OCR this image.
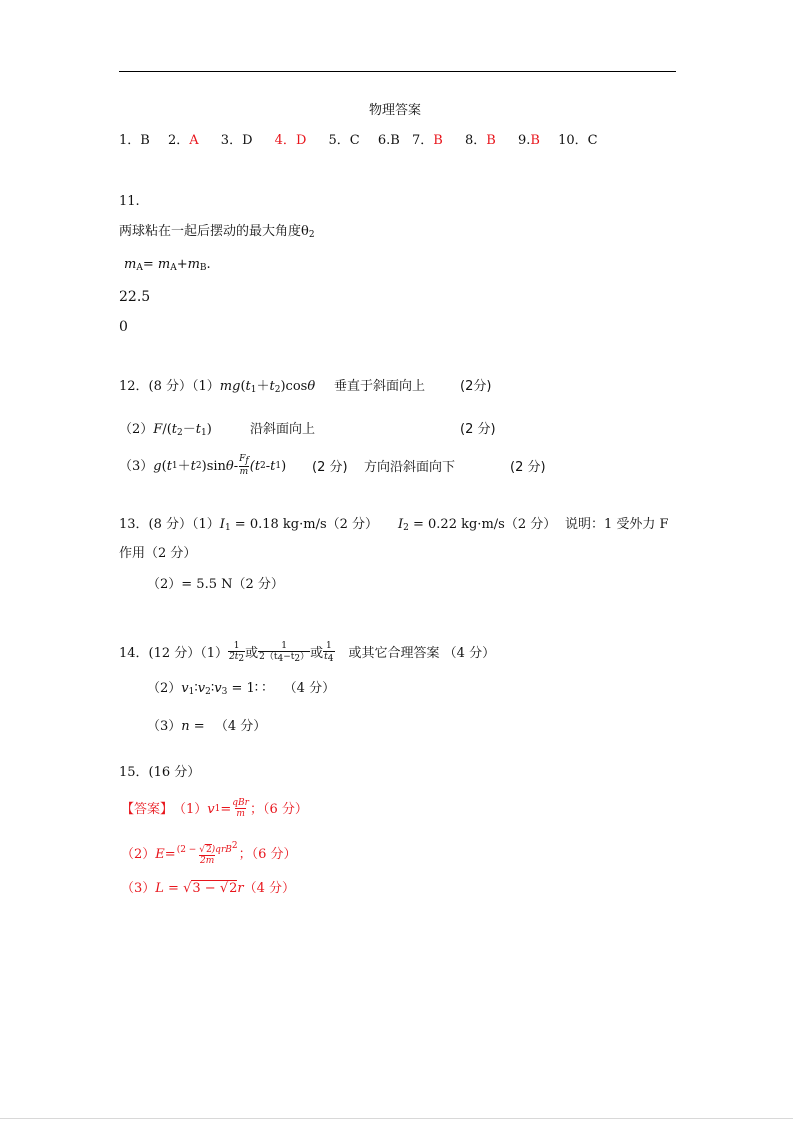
物理答案
1．B 2．A 3．D 4．D 5．C 6.B 7．B 8．B 9.B 10．C
11.
两球粘在一起后摆动的最大角度$\theta_2$
$m_A= m_A+m_B$.
22.5
0
12．(8 分）$(1)mg(t_1+t_2)\cos\theta$ 垂直于斜面向上	(2分)
$(2)F/(t_2-t_1)$	沿斜面向上	(2 分)
（3） g ( t 1 ＋ t 2 )sin θ - $\frac{Ff}{m} (t$ 2 -t 1 ) (2 分) 方向沿斜面向下	(2 分)
13．(8 分）$(1)I_1 = 0.18$ kg·m/s（2 分） $I_2 = 0.22$ kg·m/s（2 分） 说明：1 受外力 F
作用（2 分）
（2）= 5.5 N（2 分）
14．(12 分）$(1) \frac{1}{2t2}$ 或 $\frac{1}{2(t4-t2)}$ 或 $\frac{1}{t4}$ 或其它合理答案 （4 分）
$(2)v_1∶v_2∶v_3$ = 1∶ ∶ （4 分）
（3）n = （4 分）
15．(16 分）
【答案】 （1） v $1 = \frac{\text{qBr}}{m}$ ；（6 分）
（2） $E = \frac{(2 - √2)qrB^2}{2m}$ ；（6 分）
（3）L = √3 − √2r（4 分）
